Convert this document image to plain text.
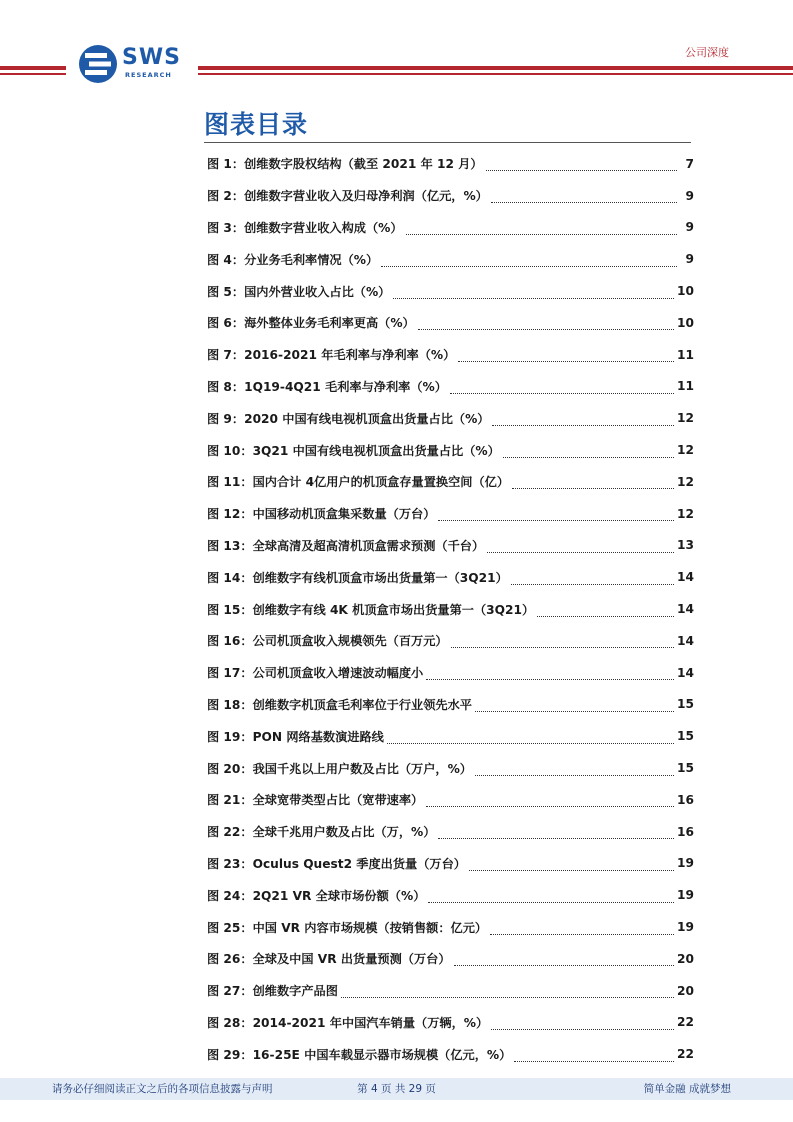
SWS
RESEARCH
公司深度
图表目录
图 1：创维数字股权结构（截至 2021 年 12 月）	7
图 2：创维数字营业收入及归母净利润（亿元，%）	9
图 3：创维数字营业收入构成（%）	9
图 4：分业务毛利率情况（%）	9
图 5：国内外营业收入占比（%）	10
图 6：海外整体业务毛利率更高（%）	10
图 7：2016-2021 年毛利率与净利率（%）	11
图 8：1Q19-4Q21 毛利率与净利率（%）	11
图 9：2020 中国有线电视机顶盒出货量占比（%）	12
图 10：3Q21 中国有线电视机顶盒出货量占比（%）	12
图 11：国内合计 4亿用户的机顶盒存量置换空间（亿）	12
图 12：中国移动机顶盒集采数量（万台）	12
图 13：全球高清及超高清机顶盒需求预测（千台）	13
图 14：创维数字有线机顶盒市场出货量第一（3Q21）	14
图 15：创维数字有线 4K 机顶盒市场出货量第一（3Q21）	14
图 16：公司机顶盒收入规模领先（百万元）	14
图 17：公司机顶盒收入增速波动幅度小	14
图 18：创维数字机顶盒毛利率位于行业领先水平	15
图 19：PON 网络基数演进路线	15
图 20：我国千兆以上用户数及占比（万户，%）	15
图 21：全球宽带类型占比（宽带速率）	16
图 22：全球千兆用户数及占比（万，%）	16
图 23：Oculus Quest2 季度出货量（万台）	19
图 24：2Q21 VR 全球市场份额（%）	19
图 25：中国 VR 内容市场规模（按销售额：亿元）	19
图 26：全球及中国 VR 出货量预测（万台）	20
图 27：创维数字产品图	20
图 28：2014-2021 年中国汽车销量（万辆，%）	22
图 29：16-25E 中国车载显示器市场规模（亿元，%）	22
请务必仔细阅读正文之后的各项信息披露与声明	第 4 页 共 29 页	简单金融 成就梦想
